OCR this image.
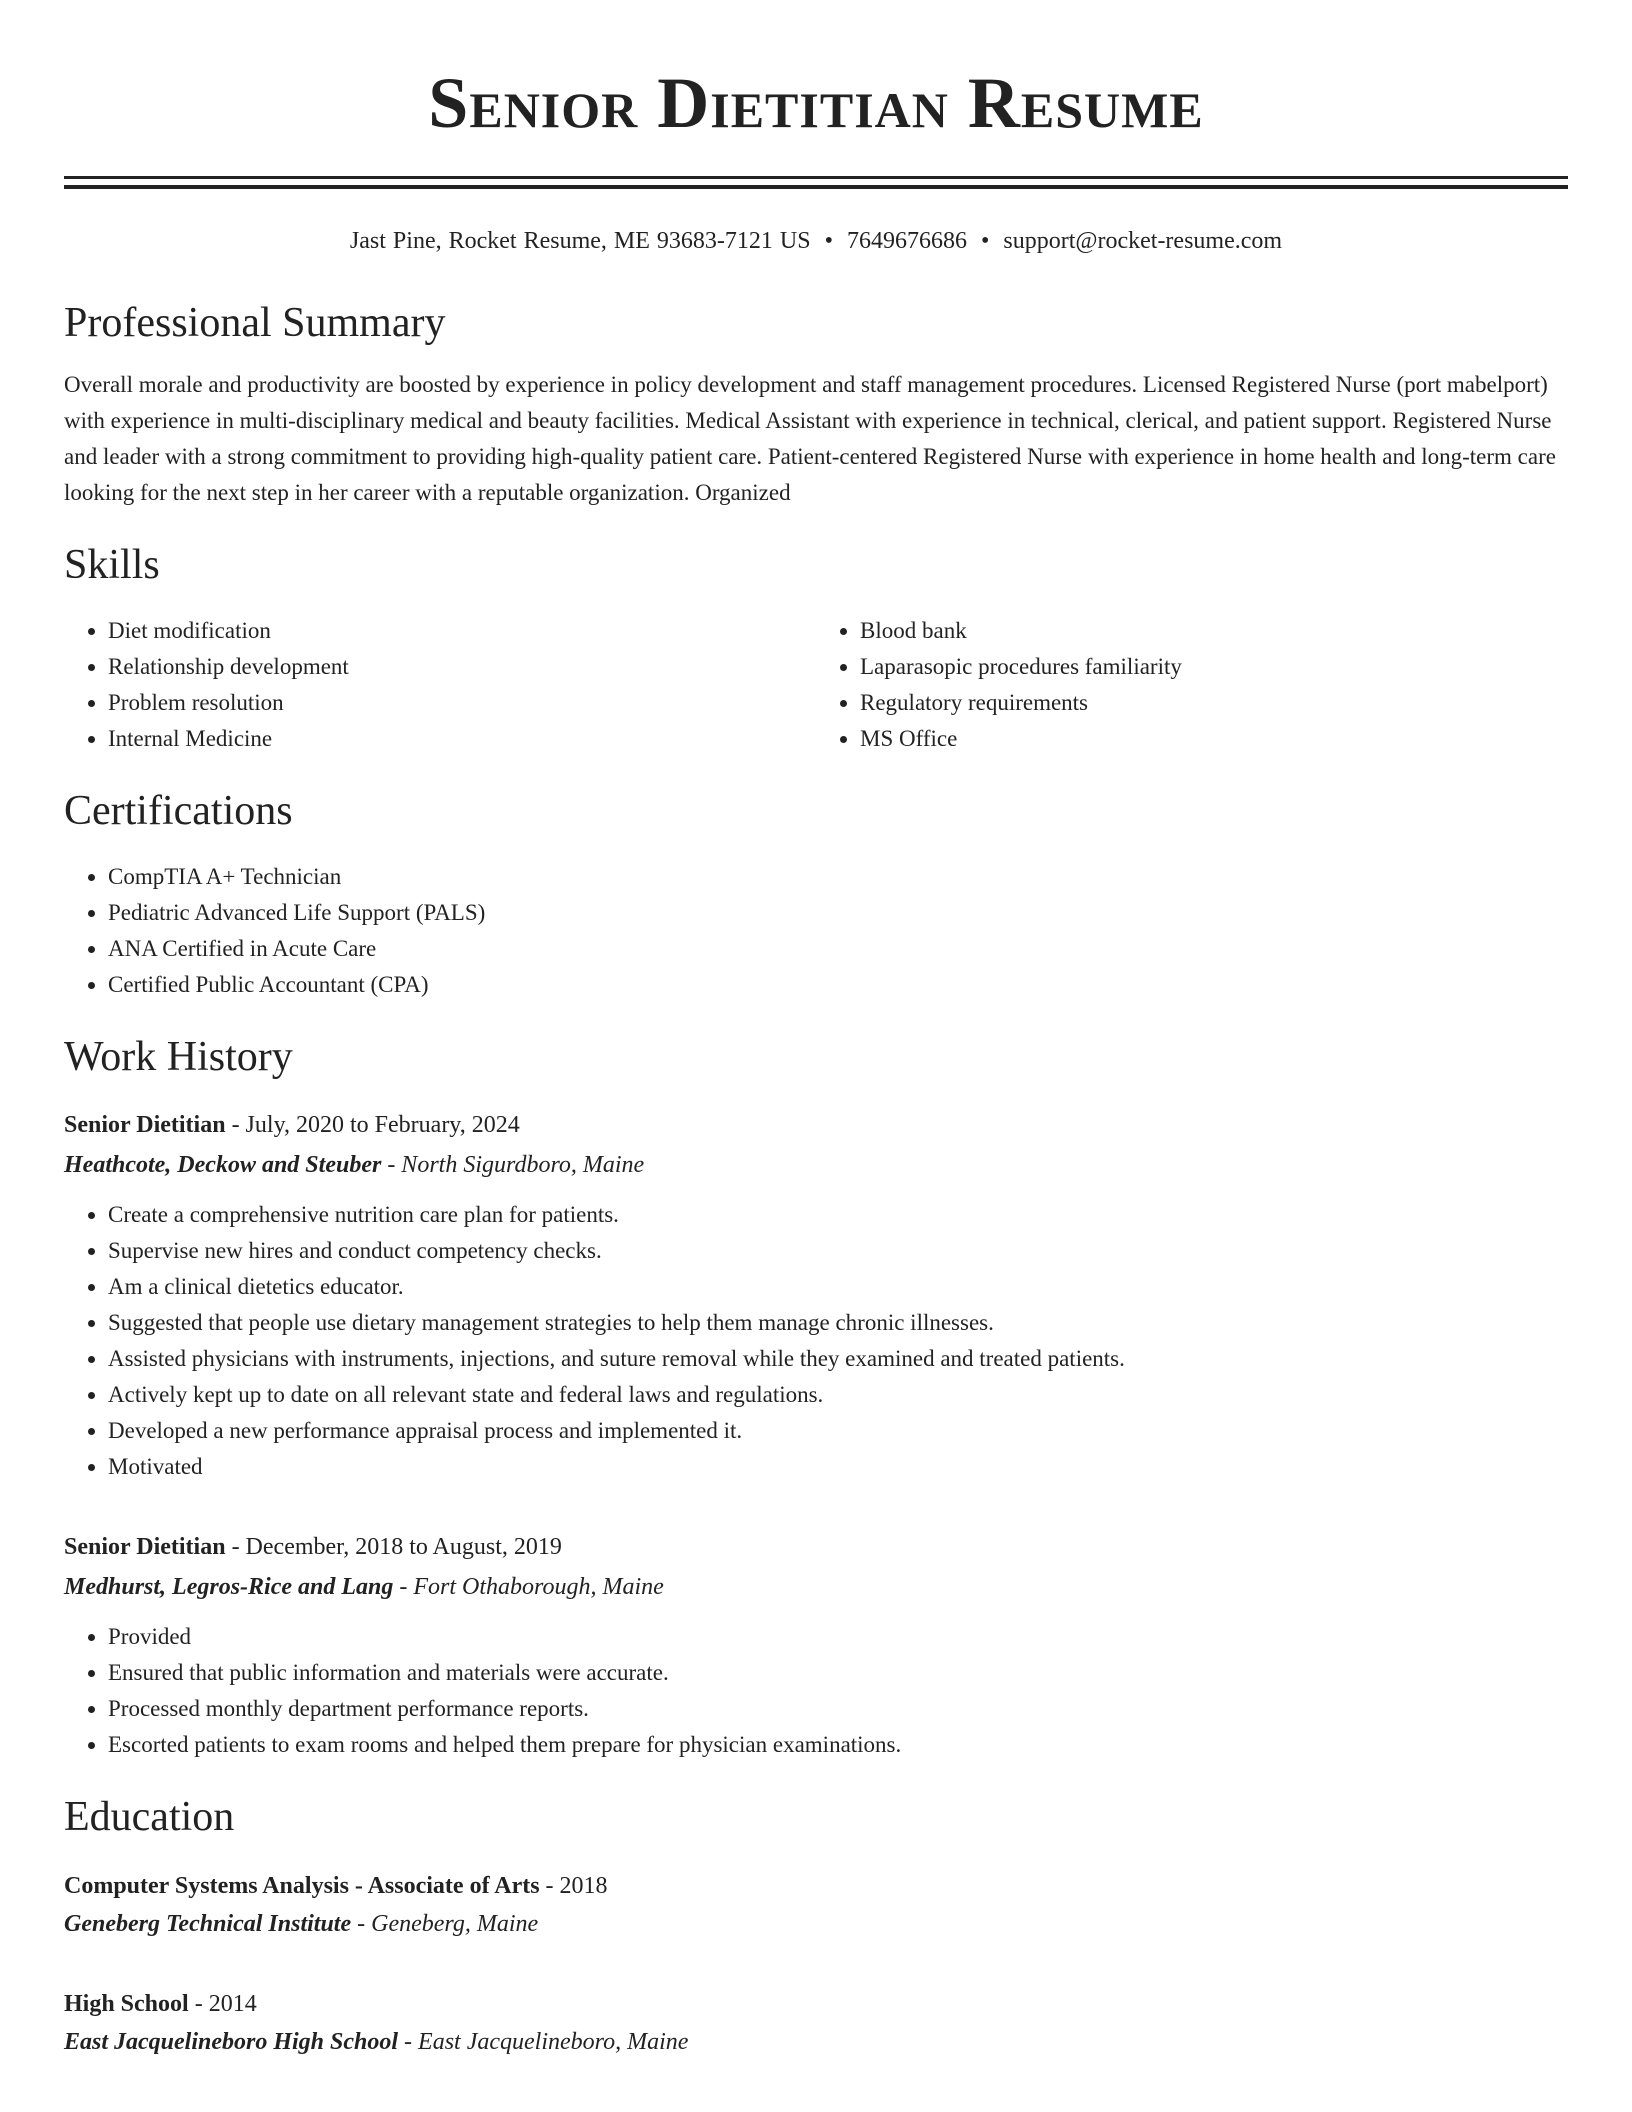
Senior Dietitian Resume
Jast Pine, Rocket Resume, ME 93683-7121 US • 7649676686 • support@rocket-resume.com
Professional Summary
Overall morale and productivity are boosted by experience in policy development and staff management procedures. Licensed Registered Nurse (port mabelport) with experience in multi-disciplinary medical and beauty facilities. Medical Assistant with experience in technical, clerical, and patient support. Registered Nurse and leader with a strong commitment to providing high-quality patient care. Patient-centered Registered Nurse with experience in home health and long-term care looking for the next step in her career with a reputable organization. Organized
Skills
• Diet modification
• Relationship development
• Problem resolution
• Internal Medicine
• Blood bank
• Laparasopic procedures familiarity
• Regulatory requirements
• MS Office
Certifications
• CompTIA A+ Technician
• Pediatric Advanced Life Support (PALS)
• ANA Certified in Acute Care
• Certified Public Accountant (CPA)
Work History
Senior Dietitian - July, 2020 to February, 2024
Heathcote, Deckow and Steuber - North Sigurdboro, Maine
• Create a comprehensive nutrition care plan for patients.
• Supervise new hires and conduct competency checks.
• Am a clinical dietetics educator.
• Suggested that people use dietary management strategies to help them manage chronic illnesses.
• Assisted physicians with instruments, injections, and suture removal while they examined and treated patients.
• Actively kept up to date on all relevant state and federal laws and regulations.
• Developed a new performance appraisal process and implemented it.
• Motivated
Senior Dietitian - December, 2018 to August, 2019
Medhurst, Legros-Rice and Lang - Fort Othaborough, Maine
• Provided
• Ensured that public information and materials were accurate.
• Processed monthly department performance reports.
• Escorted patients to exam rooms and helped them prepare for physician examinations.
Education
Computer Systems Analysis - Associate of Arts - 2018
Geneberg Technical Institute - Geneberg, Maine
High School - 2014
East Jacquelineboro High School - East Jacquelineboro, Maine
